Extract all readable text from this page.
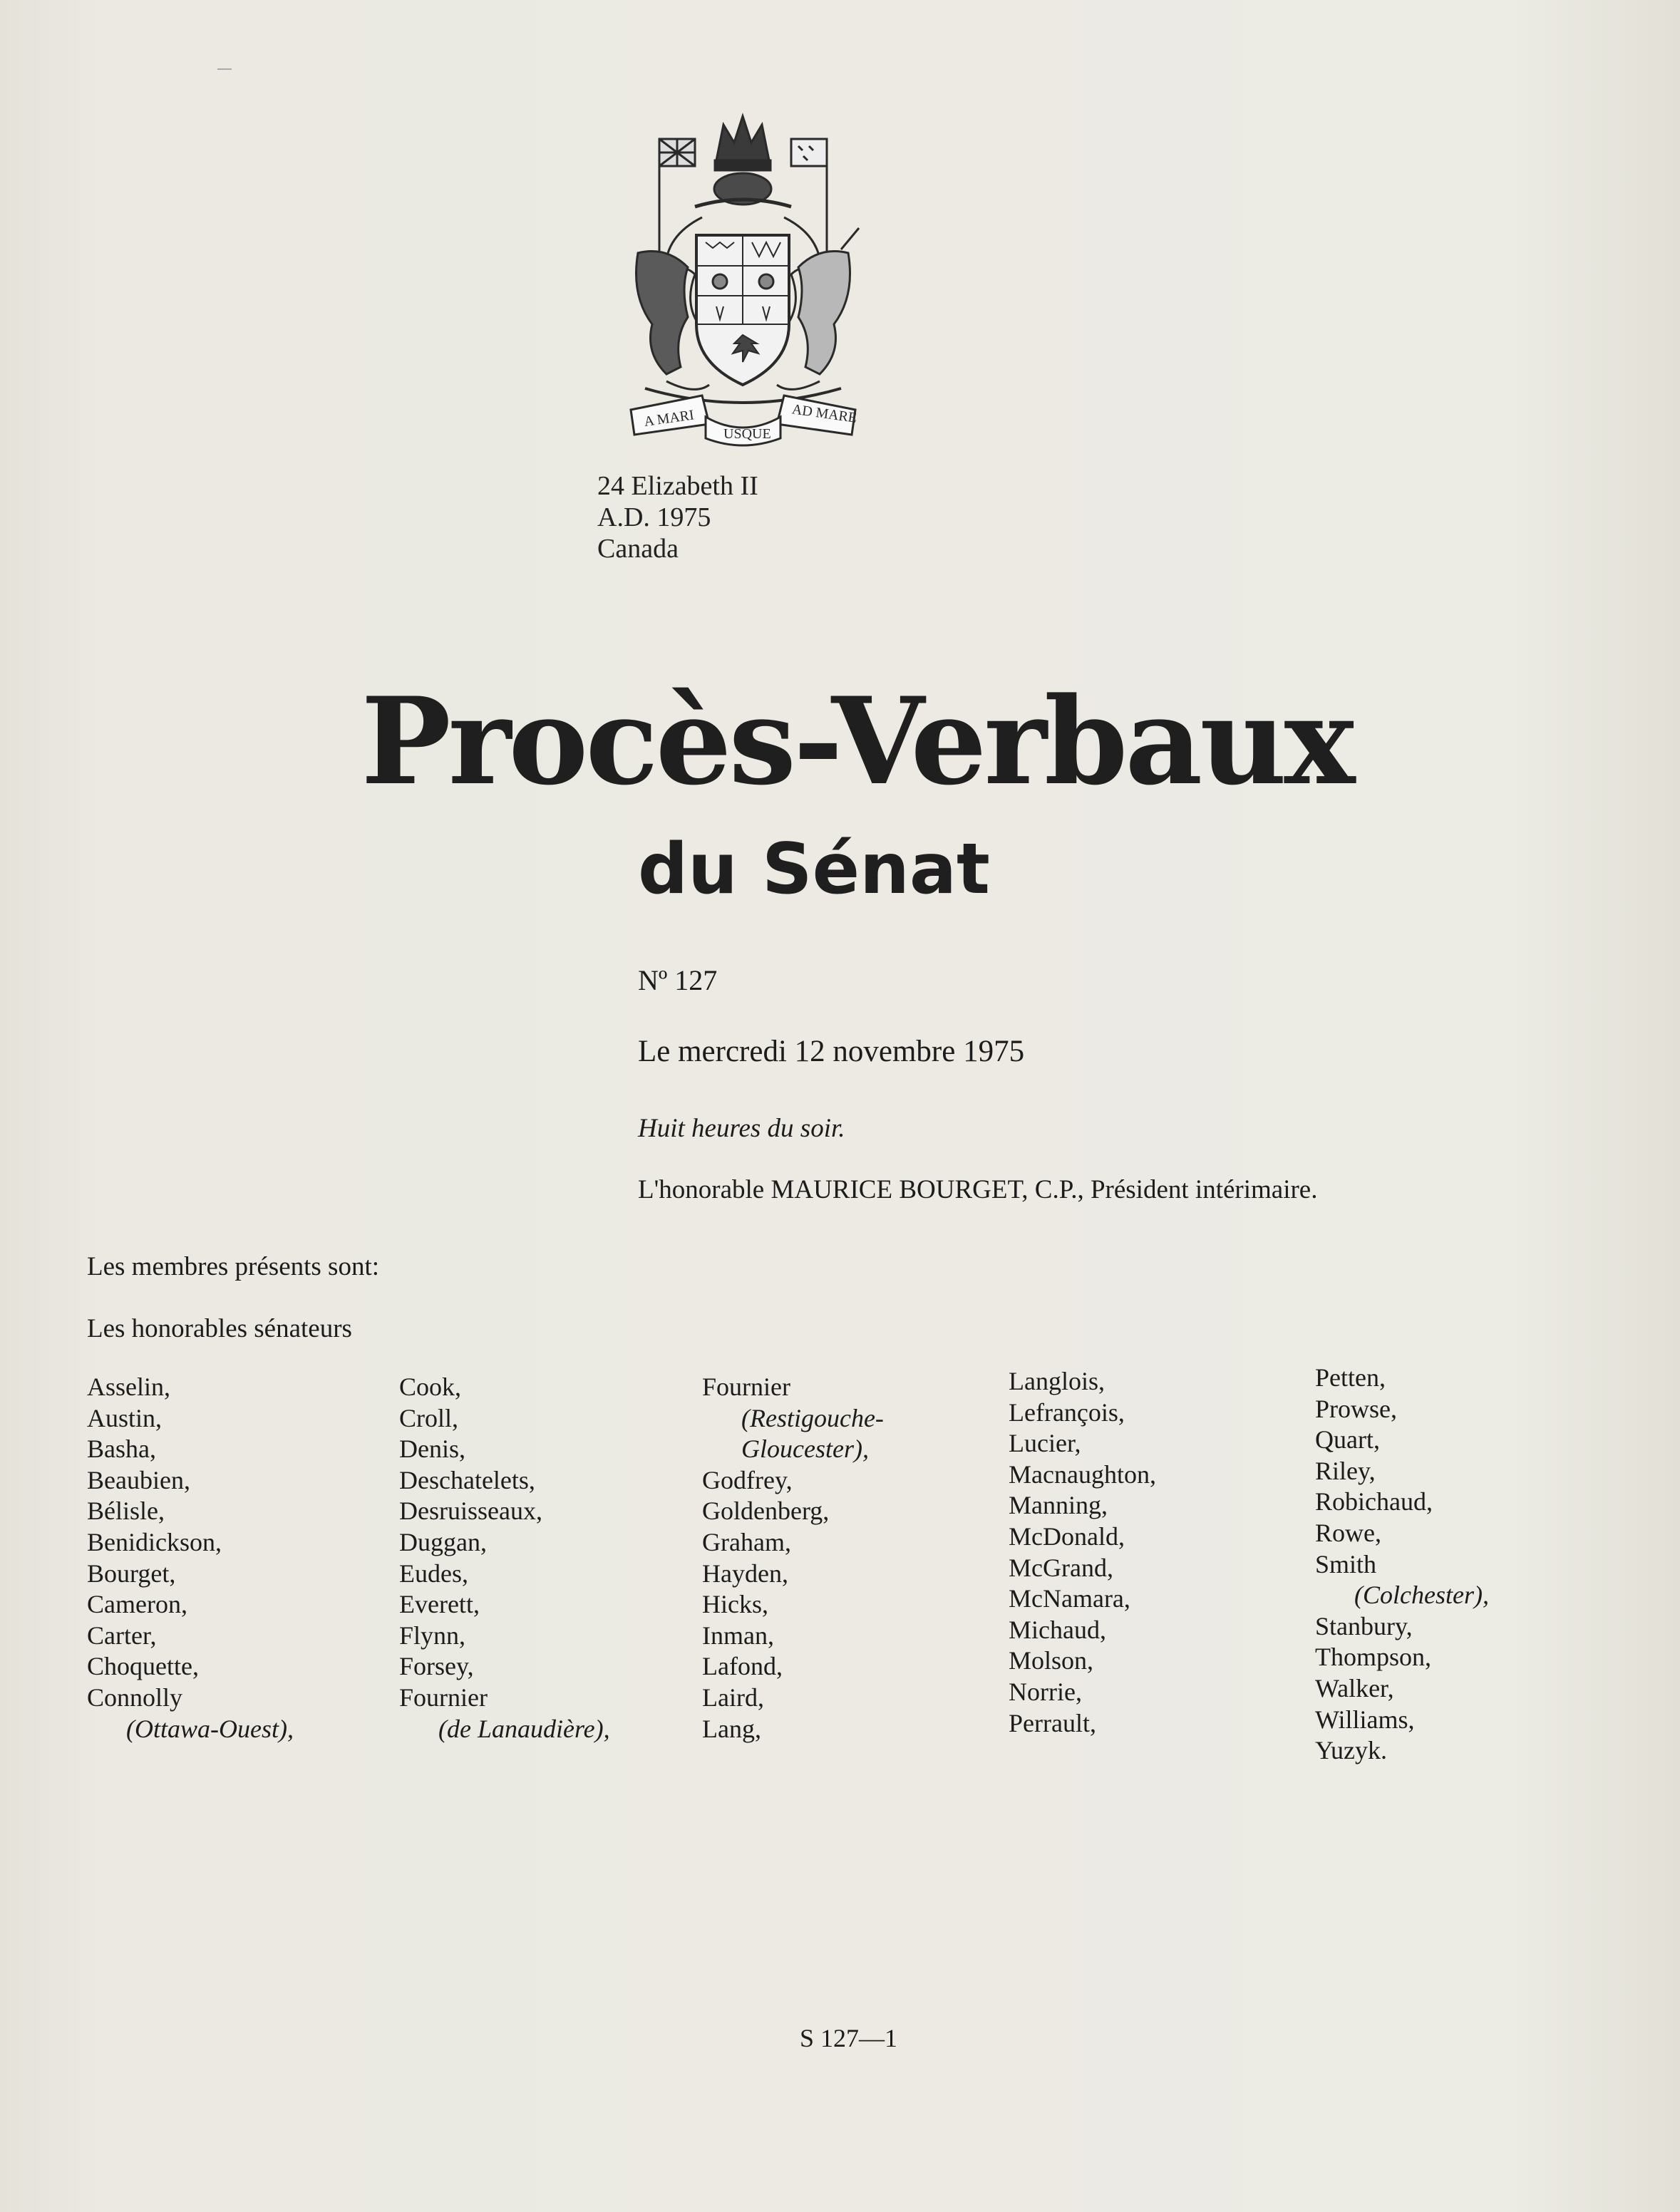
A MARI
USQUE
AD MARE
24 Elizabeth II
A.D. 1975
Canada
Procès-Verbaux
du Sénat
Nº 127
Le mercredi 12 novembre 1975
Huit heures du soir.
L'honorable MAURICE BOURGET, C.P., Président intérimaire.
Les membres présents sont:
Les honorables sénateurs
Asselin,
Austin,
Basha,
Beaubien,
Bélisle,
Benidickson,
Bourget,
Cameron,
Carter,
Choquette,
Connolly
(Ottawa-Ouest),
Cook,
Croll,
Denis,
Deschatelets,
Desruisseaux,
Duggan,
Eudes,
Everett,
Flynn,
Forsey,
Fournier
(de Lanaudière),
Fournier
(Restigouche-
Gloucester),
Godfrey,
Goldenberg,
Graham,
Hayden,
Hicks,
Inman,
Lafond,
Laird,
Lang,
Langlois,
Lefrançois,
Lucier,
Macnaughton,
Manning,
McDonald,
McGrand,
McNamara,
Michaud,
Molson,
Norrie,
Perrault,
Petten,
Prowse,
Quart,
Riley,
Robichaud,
Rowe,
Smith
(Colchester),
Stanbury,
Thompson,
Walker,
Williams,
Yuzyk.
S 127—1
